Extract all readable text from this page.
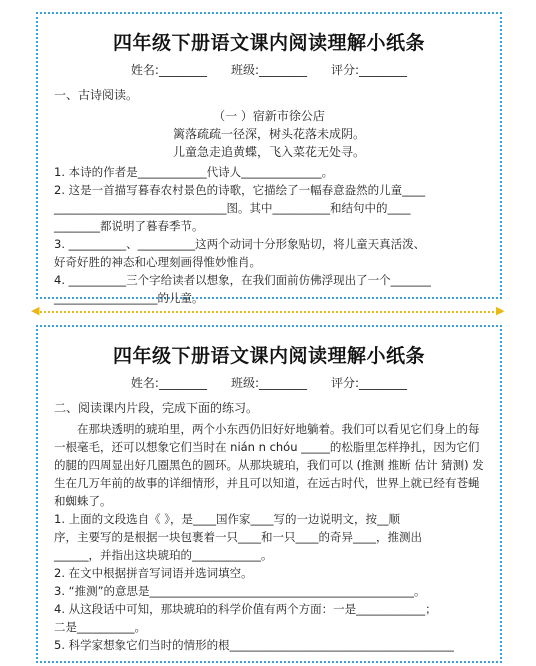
四年级下册语文课内阅读理解小纸条
姓名:________ 班级:________ 评分:________
一、古诗阅读。
（一 ）宿新市徐公店
篱落疏疏一径深，树头花落未成阴。
儿童急走追黄蝶，飞入菜花无处寻。
1. 本诗的作者是____________代诗人______________。
2. 这是一首描写暮春农村景色的诗歌，它描绘了一幅春意盎然的儿童____
______________________________图。其中__________和结句中的____
________都说明了暮春季节。
3. __________、__________这两个动词十分形象贴切，将儿童天真活泼、
好奇好胜的神态和心理刻画得惟妙惟肖。
4. __________三个字给读者以想象，在我们面前仿佛浮现出了一个_______
__________________的儿童。
◀	▶
四年级下册语文课内阅读理解小纸条
姓名:________ 班级:________ 评分:________
二、阅读课内片段，完成下面的练习。
在那块透明的琥珀里，两个小东西仍旧好好地躺着。我们可以看见它们身上的每一根毫毛，还可以想象它们当时在 nián n chóu _____的松脂里怎样挣扎，因为它们的腿的四周显出好几圈黑色的圆环。从那块琥珀，我们可以 (推测 推断 估计 猜测) 发生在几万年前的故事的详细情形，并且可以知道，在远古时代，世界上就已经有苍蝇和蜘蛛了。
1. 上面的文段选自《 》，是____国作家____写的一边说明文，按__顺
序，主要写的是根据一块包裹着一只____和一只____的奇异____，推测出
______，并指出这块琥珀的____________。
2. 在文中根据拼音写词语并选词填空。
3. “推测”的意思是______________________________________________。
4. 从这段话中可知，那块琥珀的科学价值有两个方面：一是____________；
二是__________。
5. 科学家想象它们当时的情形的根_______________________________________
